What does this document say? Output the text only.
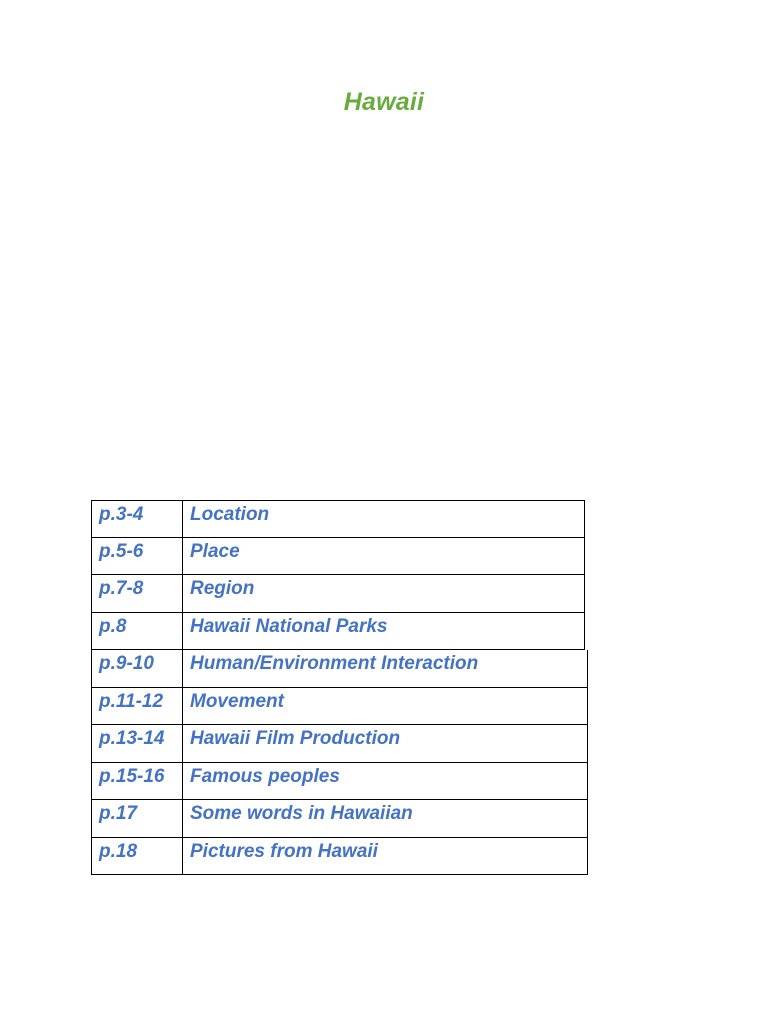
Hawaii
p.3-4	Location
p.5-6	Place
p.7-8	Region
p.8	Hawaii National Parks
p.9-10	Human/Environment Interaction
p.11-12	Movement
p.13-14	Hawaii Film Production
p.15-16	Famous peoples
p.17	Some words in Hawaiian
p.18	Pictures from Hawaii
